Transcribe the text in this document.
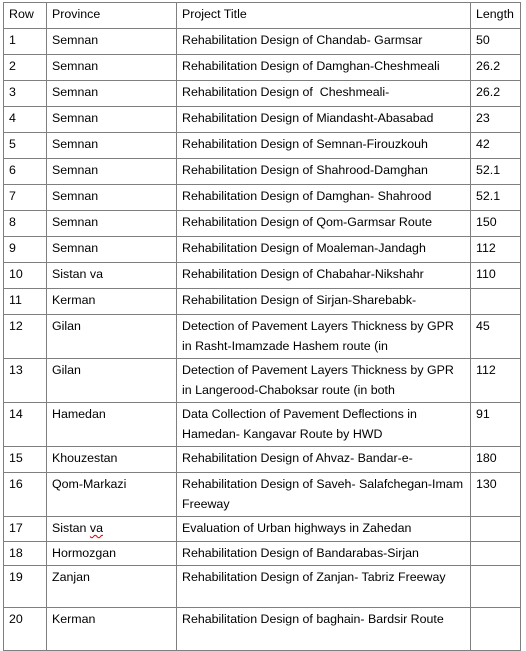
Row	Province	Project Title	Length
1	Semnan	Rehabilitation Design of Chandab- Garmsar	50
2	Semnan	Rehabilitation Design of Damghan-Cheshmeali	26.2
3	Semnan	Rehabilitation Design of  Cheshmeali-	26.2
4	Semnan	Rehabilitation Design of Miandasht-Abasabad	23
5	Semnan	Rehabilitation Design of Semnan-Firouzkouh	42
6	Semnan	Rehabilitation Design of Shahrood-Damghan	52.1
7	Semnan	Rehabilitation Design of Damghan- Shahrood	52.1
8	Semnan	Rehabilitation Design of Qom-Garmsar Route	150
9	Semnan	Rehabilitation Design of Moaleman-Jandagh	112
10	Sistan va	Rehabilitation Design of Chabahar-Nikshahr	110
11	Kerman	Rehabilitation Design of Sirjan-Sharebabk-	
12	Gilan	Detection of Pavement Layers Thickness by GPR in Rasht-Imamzade Hashem route (in	45
13	Gilan	Detection of Pavement Layers Thickness by GPR in Langerood-Chaboksar route (in both	112
14	Hamedan	Data Collection of Pavement Deflections in Hamedan- Kangavar Route by HWD	91
15	Khouzestan	Rehabilitation Design of Ahvaz- Bandar-e-	180
16	Qom-Markazi	Rehabilitation Design of Saveh- Salafchegan-Imam Freeway	130
17	Sistan va	Evaluation of Urban highways in Zahedan	
18	Hormozgan	Rehabilitation Design of Bandarabas-Sirjan	
19	Zanjan	Rehabilitation Design of Zanjan- Tabriz Freeway	
20	Kerman	Rehabilitation Design of baghain- Bardsir Route	
